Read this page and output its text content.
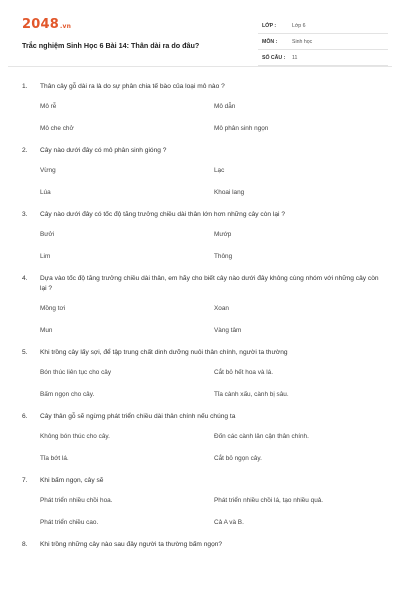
2048.vn
Trắc nghiệm Sinh Học 6 Bài 14: Thân dài ra do đâu?
LỚP :	Lớp 6
MÔN :	Sinh học
SỐ CÂU : 11
1. Thân cây gỗ dài ra là do sự phân chia tế bào của loại mô nào ?
Mô rễ	Mô dẫn
Mô che chở	Mô phân sinh ngọn
2. Cây nào dưới đây có mô phân sinh gióng ?
Vừng	Lạc
Lúa	Khoai lang
3. Cây nào dưới đây có tốc độ tăng trưởng chiều dài thân lớn hơn những cây còn lại ?
Bưởi	Mướp
Lim	Thông
4. Dựa vào tốc độ tăng trưởng chiều dài thân, em hãy cho biết cây nào dưới đây không cùng nhóm với những cây còn lại ?
Mồng tơi	Xoan
Mun	Vàng tâm
5. Khi trồng cây lấy sợi, để tập trung chất dinh dưỡng nuôi thân chính, người ta thường
Bón thúc liên tục cho cây	Cắt bỏ hết hoa và lá.
Bấm ngọn cho cây.	Tỉa cành xấu, cành bị sâu.
6. Cây thân gỗ sẽ ngừng phát triển chiều dài thân chính nếu chúng ta
Không bón thúc cho cây.	Đốn các cành lân cận thân chính.
Tỉa bớt lá.	Cắt bỏ ngọn cây.
7. Khi bấm ngọn, cây sẽ
Phát triển nhiều chồi hoa.	Phát triển nhiều chồi lá, tạo nhiều quả.
Phát triển chiều cao.	Cả A và B.
8. Khi trồng những cây nào sau đây người ta thường bấm ngọn?
